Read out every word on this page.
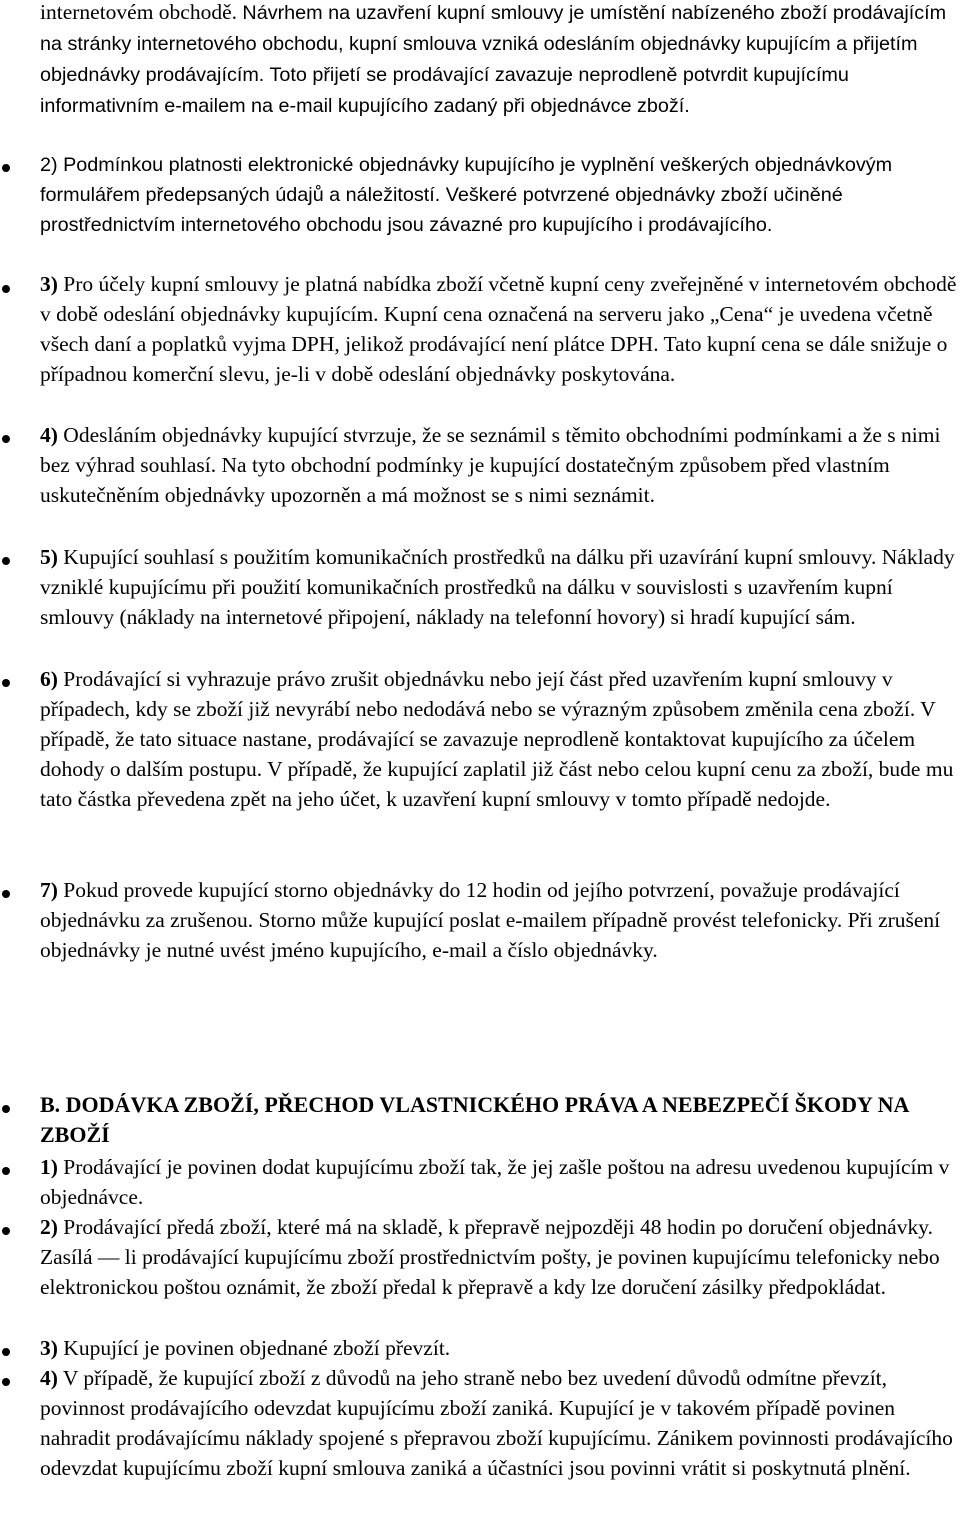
internetovém obchodě. Návrhem na uzavření kupní smlouvy je umístění nabízeného zboží prodávajícím na stránky internetového obchodu, kupní smlouva vzniká odesláním objednávky kupujícím a přijetím objednávky prodávajícím. Toto přijetí se prodávající zavazuje neprodleně potvrdit kupujícímu informativním e-mailem na e-mail kupujícího zadaný při objednávce zboží.

2) Podmínkou platnosti elektronické objednávky kupujícího je vyplnění veškerých objednávkovým formulářem předepsaných údajů a náležitostí. Veškeré potvrzené objednávky zboží učiněné prostřednictvím internetového obchodu jsou závazné pro kupujícího i prodávajícího.

3) Pro účely kupní smlouvy je platná nabídka zboží včetně kupní ceny zveřejněné v internetovém obchodě v době odeslání objednávky kupujícím. Kupní cena označená na serveru jako „Cena“ je uvedena včetně všech daní a poplatků vyjma DPH, jelikož prodávající není plátce DPH. Tato kupní cena se dále snižuje o případnou komerční slevu, je-li v době odeslání objednávky poskytována.

4) Odesláním objednávky kupující stvrzuje, že se seznámil s těmito obchodními podmínkami a že s nimi bez výhrad souhlasí. Na tyto obchodní podmínky je kupující dostatečným způsobem před vlastním uskutečněním objednávky upozorněn a má možnost se s nimi seznámit.

5) Kupující souhlasí s použitím komunikačních prostředků na dálku při uzavírání kupní smlouvy. Náklady vzniklé kupujícímu při použití komunikačních prostředků na dálku v souvislosti s uzavřením kupní smlouvy (náklady na internetové připojení, náklady na telefonní hovory) si hradí kupující sám.

6) Prodávající si vyhrazuje právo zrušit objednávku nebo její část před uzavřením kupní smlouvy v případech, kdy se zboží již nevyrábí nebo nedodává nebo se výrazným způsobem změnila cena zboží. V případě, že tato situace nastane, prodávající se zavazuje neprodleně kontaktovat kupujícího za účelem dohody o dalším postupu. V případě, že kupující zaplatil již část nebo celou kupní cenu za zboží, bude mu tato částka převedena zpět na jeho účet, k uzavření kupní smlouvy v tomto případě nedojde.

7) Pokud provede kupující storno objednávky do 12 hodin od jejího potvrzení, považuje prodávající objednávku za zrušenou. Storno může kupující poslat e-mailem případně provést telefonicky. Při zrušení objednávky je nutné uvést jméno kupujícího, e-mail a číslo objednávky.

B. DODÁVKA ZBOŽÍ, PŘECHOD VLASTNICKÉHO PRÁVA A NEBEZPEČÍ ŠKODY NA ZBOŽÍ

1) Prodávající je povinen dodat kupujícímu zboží tak, že jej zašle poštou na adresu uvedenou kupujícím v objednávce.

2) Prodávající předá zboží, které má na skladě, k přepravě nejpozději 48 hodin po doručení objednávky. Zasílá — li prodávající kupujícímu zboží prostřednictvím pošty, je povinen kupujícímu telefonicky nebo elektronickou poštou oznámit, že zboží předal k přepravě a kdy lze doručení zásilky předpokládat.

3) Kupující je povinen objednané zboží převzít.

4) V případě, že kupující zboží z důvodů na jeho straně nebo bez uvedení důvodů odmítne převzít, povinnost prodávajícího odevzdat kupujícímu zboží zaniká. Kupující je v takovém případě povinen nahradit prodávajícímu náklady spojené s přepravou zboží kupujícímu. Zánikem povinnosti prodávajícího odevzdat kupujícímu zboží kupní smlouva zaniká a účastníci jsou povinni vrátit si poskytnutá plnění.
